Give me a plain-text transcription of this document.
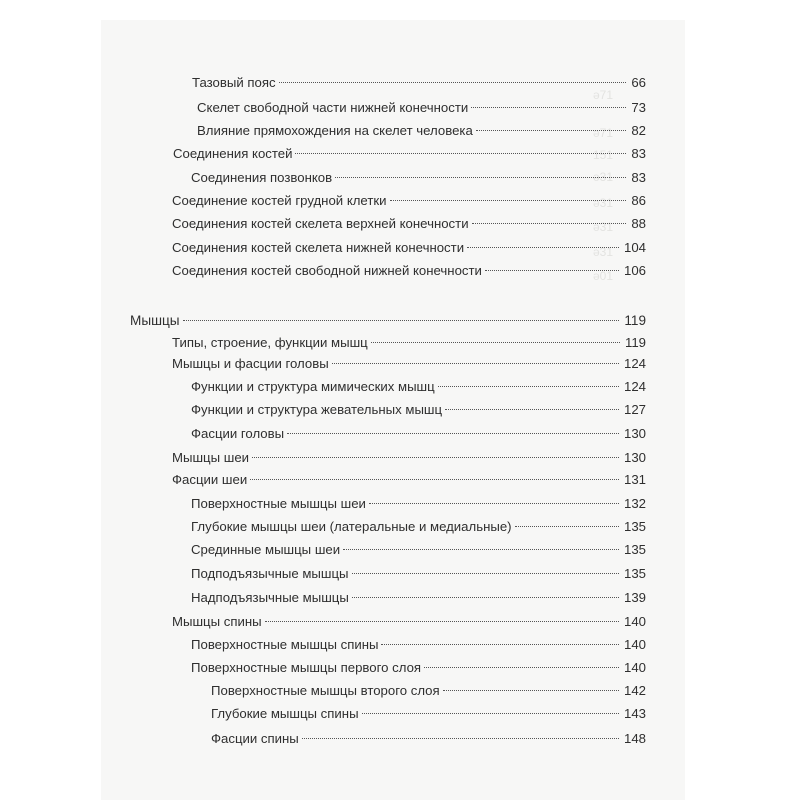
ǝ71
ǝ71
151
ǝ31
ǝ31
ǝ31
ǝ31
ǝ01
Тазовый пояс	66
Скелет свободной части нижней конечности	73
Влияние прямохождения на скелет человека	82
Соединения костей	83
Соединения позвонков	83
Соединение костей грудной клетки	86
Соединения костей скелета верхней конечности	88
Соединения костей скелета нижней конечности	104
Соединения костей свободной нижней конечности	106
Мышцы	119
Типы, строение, функции мышц	119
Мышцы и фасции головы	124
Функции и структура мимических мышц	124
Функции и структура жевательных мышц	127
Фасции головы	130
Мышцы шеи	130
Фасции шеи	131
Поверхностные мышцы шеи	132
Глубокие мышцы шеи (латеральные и медиальные)	135
Срединные мышцы шеи	135
Подподъязычные мышцы	135
Надподъязычные мышцы	139
Мышцы спины	140
Поверхностные мышцы спины	140
Поверхностные мышцы первого слоя	140
Поверхностные мышцы второго слоя	142
Глубокие мышцы спины	143
Фасции спины	148
